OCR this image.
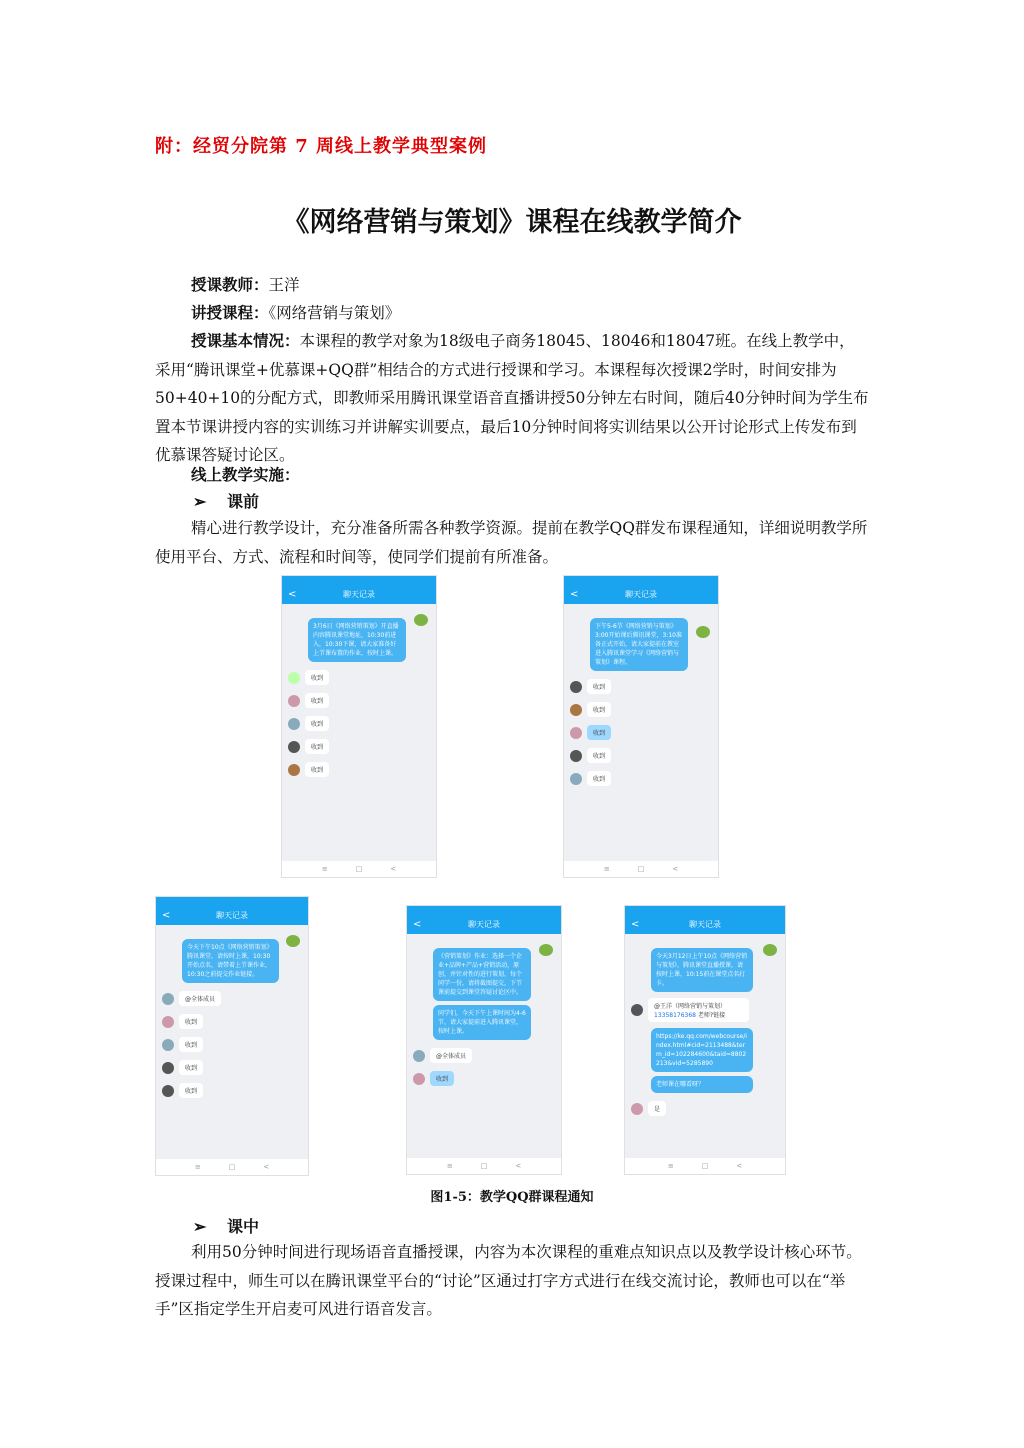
附：经贸分院第 7 周线上教学典型案例
《网络营销与策划》课程在线教学简介
授课教师：王洋
讲授课程：《网络营销与策划》
授课基本情况：本课程的教学对象为18级电子商务18045、18046和18047班。在线上教学中，采用“腾讯课堂+优慕课+QQ群”相结合的方式进行授课和学习。本课程每次授课2学时，时间安排为50+40+10的分配方式，即教师采用腾讯课堂语音直播讲授50分钟左右时间，随后40分钟时间为学生布置本节课讲授内容的实训练习并讲解实训要点，最后10分钟时间将实训结果以公开讨论形式上传发布到优慕课答疑讨论区。
线上教学实施：
➢ 课前
精心进行教学设计，充分准备所需各种教学资源。提前在教学QQ群发布课程通知，详细说明教学所使用平台、方式、流程和时间等，使同学们提前有所准备。
<	聊天记录
3月6日《网络营销策划》开直播内容腾讯课堂地址，10:30前进入，10:30下课，请大家准备好上节课布置的作业，按时上课。
收到
收到
收到
收到
收到
≡	□	<
<	聊天记录
下午5-6节《网络营销与策划》3:00开始课后腾讯课堂，3:10准备正式开始，请大家提前在教室进入腾讯课堂学习《网络营销与策划》课程。
收到
收到
收到
收到
收到
≡	□	<
<	聊天记录
今天下午10点《网络营销策划》腾讯课堂，请按时上课，10:30开始点名，请带着上节课作业，10:30之前提交作业链接。
@全体成员
收到
收到
收到
收到
≡	□	<
<	聊天记录
《营销策划》作业：选择一个企业+品牌+产品+营销活动，原创，并针对性的进行策划，每个同学一份，请将截图提交，下节课前提交到课堂答疑讨论区中。
同学们，今天下午上课时间为4-6节，请大家提前进入腾讯课堂，按时上课。
@全体成员
收到
≡	□	<
<	聊天记录
今天3月12日上午10点《网络营销与策划》，腾讯课堂直播授课，请按时上课，10:15前在课堂点名打卡。
@王洋（网络营销与策划）
13358176368 老师?链接
https://ke.qq.com/webcourse/index.html#cid=2113488&term_id=102284600&taid=8802213&vid=5285890
老师课在哪看呀？
是
≡	□	<
图1-5：教学QQ群课程通知
➢ 课中
利用50分钟时间进行现场语音直播授课，内容为本次课程的重难点知识点以及教学设计核心环节。授课过程中，师生可以在腾讯课堂平台的“讨论”区通过打字方式进行在线交流讨论，教师也可以在“举手”区指定学生开启麦可风进行语音发言。
